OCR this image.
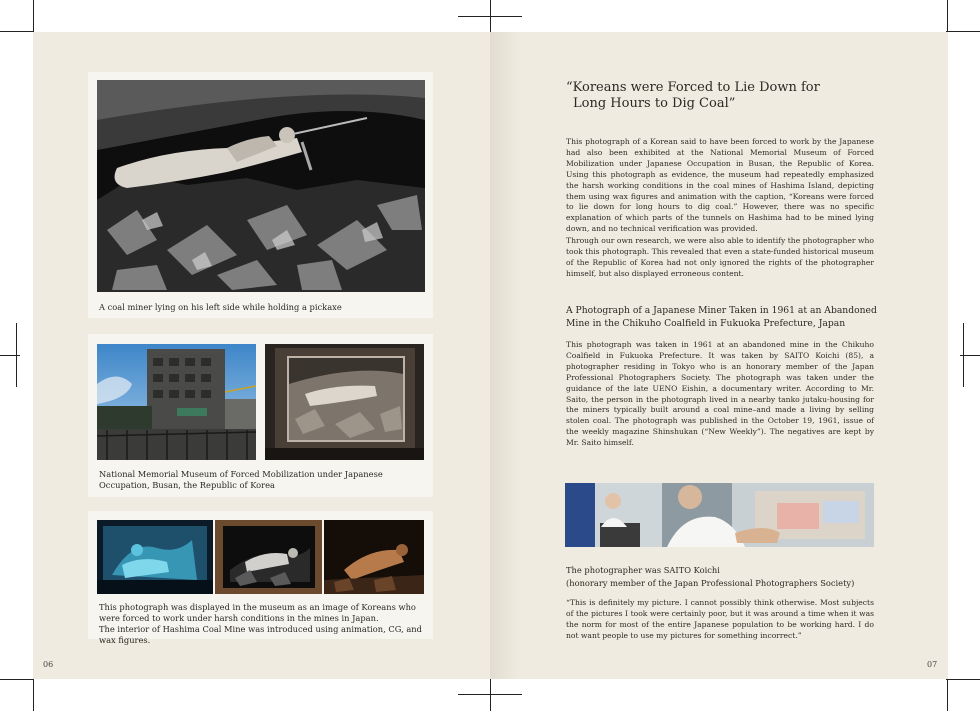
A coal miner lying on his left side while holding a pickaxe

National Memorial Museum of Forced Mobilization under Japanese Occupation, Busan, the Republic of Korea

This photograph was displayed in the museum as an image of Koreans who were forced to work under harsh conditions in the mines in Japan.
The interior of Hashima Coal Mine was introduced using animation, CG, and wax figures.

06
“Koreans were Forced to Lie Down for
Long Hours to Dig Coal”

This photograph of a Korean said to have been forced to work by the Japanese had also been exhibited at the National Memorial Museum of Forced Mobilization under Japanese Occupation in Busan, the Republic of Korea. Using this photograph as evidence, the museum had repeatedly emphasized the harsh working conditions in the coal mines of Hashima Island, depicting them using wax figures and animation with the caption, “Koreans were forced to lie down for long hours to dig coal.” However, there was no specific explanation of which parts of the tunnels on Hashima had to be mined lying down, and no technical verification was provided.

Through our own research, we were also able to identify the photographer who took this photograph. This revealed that even a state-funded historical museum of the Republic of Korea had not only ignored the rights of the photographer himself, but also displayed erroneous content.

A Photograph of a Japanese Miner Taken in 1961 at an Abandoned Mine in the Chikuho Coalfield in Fukuoka Prefecture, Japan

This photograph was taken in 1961 at an abandoned mine in the Chikuho Coalfield in Fukuoka Prefecture. It was taken by SAITO Koichi (85), a photographer residing in Tokyo who is an honorary member of the Japan Professional Photographers Society. The photograph was taken under the guidance of the late UENO Eishin, a documentary writer. According to Mr. Saito, the person in the photograph lived in a nearby tanko jutaku-housing for the miners typically built around a coal mine–and made a living by selling stolen coal. The photograph was published in the October 19, 1961, issue of the weekly magazine Shinshukan (“New Weekly”). The negatives are kept by Mr. Saito himself.

The photographer was SAITO Koichi
(honorary member of the Japan Professional Photographers Society)

“This is definitely my picture. I cannot possibly think otherwise. Most subjects of the pictures I took were certainly poor, but it was around a time when it was the norm for most of the entire Japanese population to be working hard. I do not want people to use my pictures for something incorrect.”

07
